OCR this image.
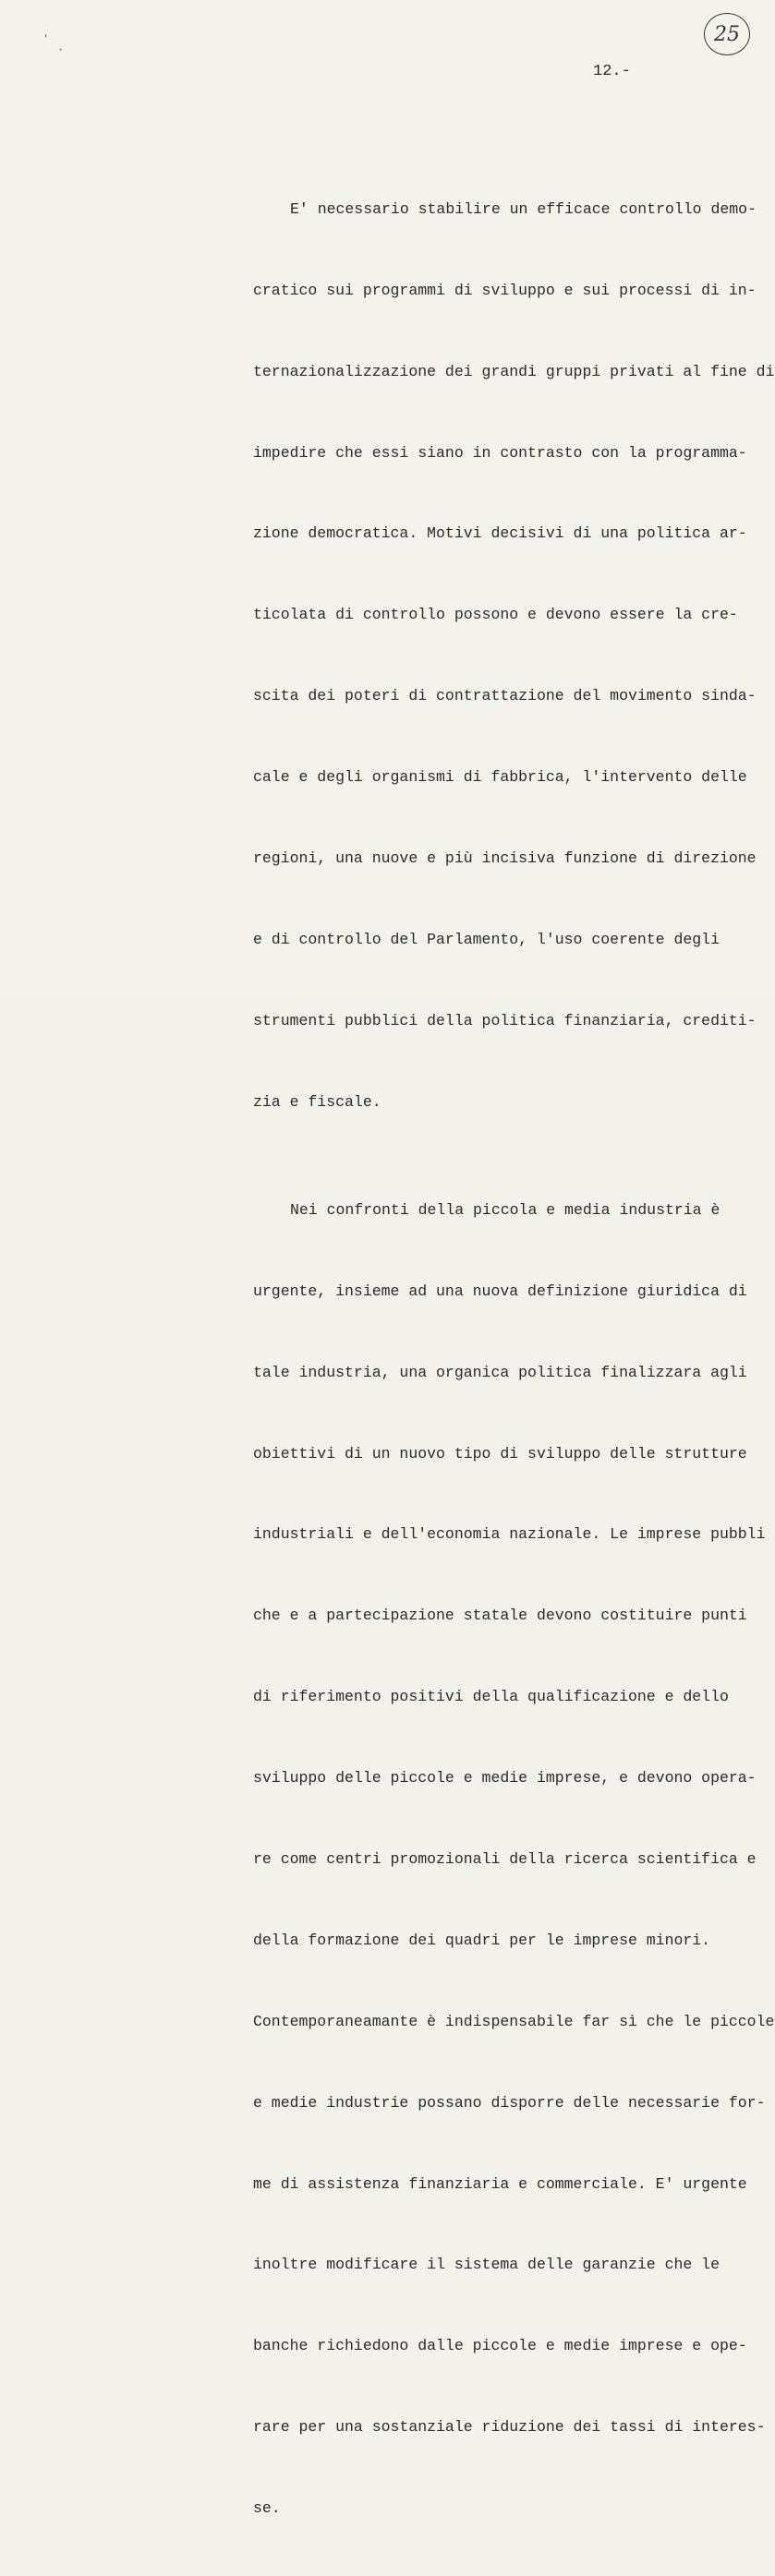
25
'
·
12.-

E' necessario stabilire un efficace controllo demo-

cratico sui programmi di sviluppo e sui processi di in-

ternazionalizzazione dei grandi gruppi privati al fine di

impedire che essi siano in contrasto con la programma-

zione democratica. Motivi decisivi di una politica ar-

ticolata di controllo possono e devono essere la cre-

scita dei poteri di contrattazione del movimento sinda-

cale e degli organismi di fabbrica, l'intervento delle

regioni, una nuove e più incisiva funzione di direzione

e di controllo del Parlamento, l'uso coerente degli

strumenti pubblici della politica finanziaria, crediti-

zia e fiscale.

Nei confronti della piccola e media industria è

urgente, insieme ad una nuova definizione giuridica di

tale industria, una organica politica finalizzara agli

obiettivi di un nuovo tipo di sviluppo delle strutture

industriali e dell'economia nazionale. Le imprese pubbli

che e a partecipazione statale devono costituire punti

di riferimento positivi della qualificazione e dello

sviluppo delle piccole e medie imprese, e devono opera-

re come centri promozionali della ricerca scientifica e

della formazione dei quadri per le imprese minori.

Contemporaneamante è indispensabile far sì che le piccole

e medie industrie possano disporre delle necessarie for-

me di assistenza finanziaria e commerciale. E' urgente

inoltre modificare il sistema delle garanzie che le

banche richiedono dalle piccole e medie imprese e ope-

rare per una sostanziale riduzione dei tassi di interes-

se.
